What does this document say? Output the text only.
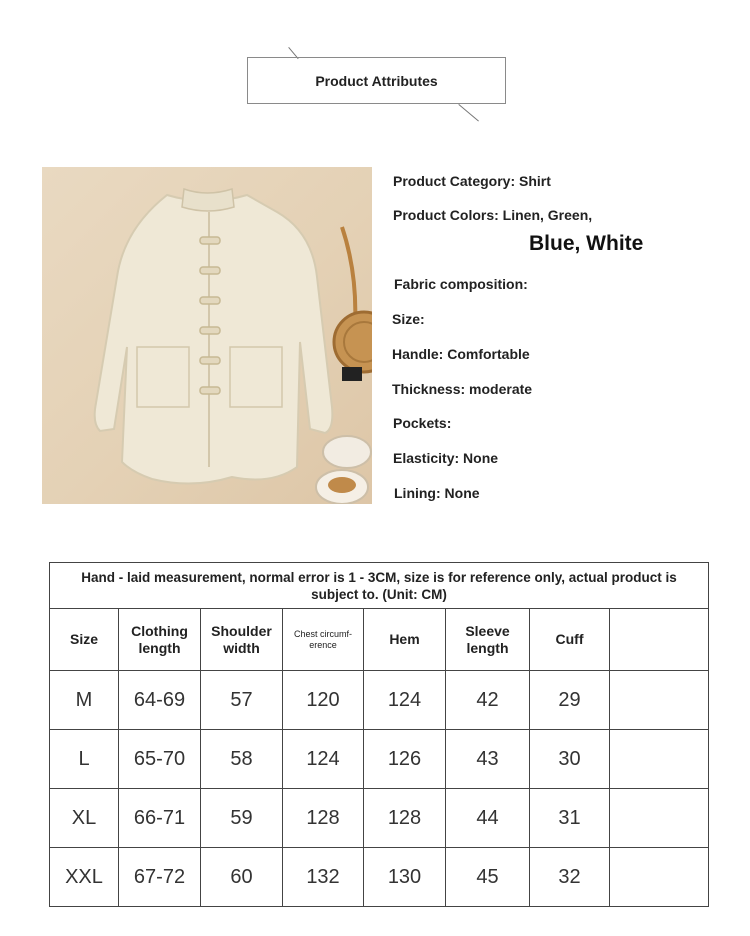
Product Attributes
Product Category: Shirt
Product Colors: Linen, Green,
Blue, White
Fabric composition:
Size:
Handle: Comfortable
Thickness: moderate
Pockets:
Elasticity: None
Lining: None
Hand - laid measurement, normal error is 1 - 3CM, size is for reference only, actual product is subject to. (Unit: CM)							
Size	Clothing length	Shoulder width	Chest circumf-erence	Hem	Sleeve length	Cuff	
M	64-69	57	120	124	42	29	
L	65-70	58	124	126	43	30	
XL	66-71	59	128	128	44	31	
XXL	67-72	60	132	130	45	32	
